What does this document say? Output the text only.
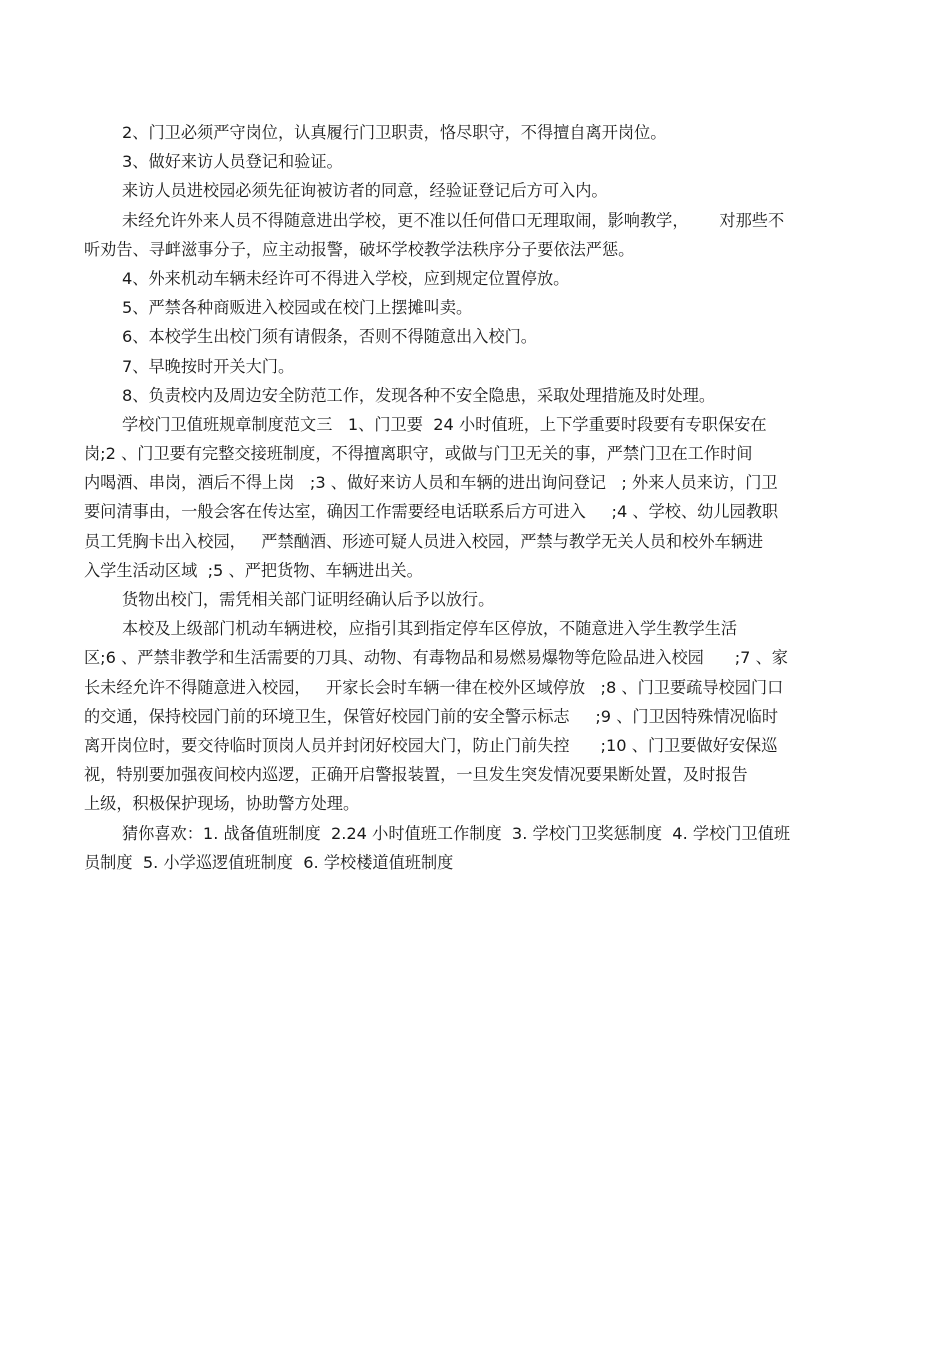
2、门卫必须严守岗位，认真履行门卫职责，恪尽职守，不得擅自离开岗位。
3、做好来访人员登记和验证。
来访人员进校园必须先征询被访者的同意，经验证登记后方可入内。
未经允许外来人员不得随意进出学校，更不准以任何借口无理取闹，影响教学，      对那些不
听劝告、寻衅滋事分子，应主动报警，破坏学校教学法秩序分子要依法严惩。
4、外来机动车辆未经许可不得进入学校，应到规定位置停放。
5、严禁各种商贩进入校园或在校门上摆摊叫卖。
6、本校学生出校门须有请假条，否则不得随意出入校门。
7、早晚按时开关大门。
8、负责校内及周边安全防范工作，发现各种不安全隐患，采取处理措施及时处理。
学校门卫值班规章制度范文三   1、门卫要  24 小时值班，上下学重要时段要有专职保安在
岗;2 、门卫要有完整交接班制度，不得擅离职守，或做与门卫无关的事，严禁门卫在工作时间
内喝酒、串岗，酒后不得上岗   ;3 、做好来访人员和车辆的进出询问登记   ; 外来人员来访，门卫
要问清事由，一般会客在传达室，确因工作需要经电话联系后方可进入     ;4 、学校、幼儿园教职
员工凭胸卡出入校园，   严禁酗酒、形迹可疑人员进入校园，严禁与教学无关人员和校外车辆进
入学生活动区域  ;5 、严把货物、车辆进出关。
货物出校门，需凭相关部门证明经确认后予以放行。
本校及上级部门机动车辆进校，应指引其到指定停车区停放，不随意进入学生教学生活
区;6 、严禁非教学和生活需要的刀具、动物、有毒物品和易燃易爆物等危险品进入校园      ;7 、家
长未经允许不得随意进入校园，   开家长会时车辆一律在校外区域停放   ;8 、门卫要疏导校园门口
的交通，保持校园门前的环境卫生，保管好校园门前的安全警示标志     ;9 、门卫因特殊情况临时
离开岗位时，要交待临时顶岗人员并封闭好校园大门，防止门前失控      ;10 、门卫要做好安保巡
视，特别要加强夜间校内巡逻，正确开启警报装置，一旦发生突发情况要果断处置，及时报告
上级，积极保护现场，协助警方处理。
猜你喜欢：1. 战备值班制度  2.24 小时值班工作制度  3. 学校门卫奖惩制度  4. 学校门卫值班
员制度  5. 小学巡逻值班制度  6. 学校楼道值班制度
